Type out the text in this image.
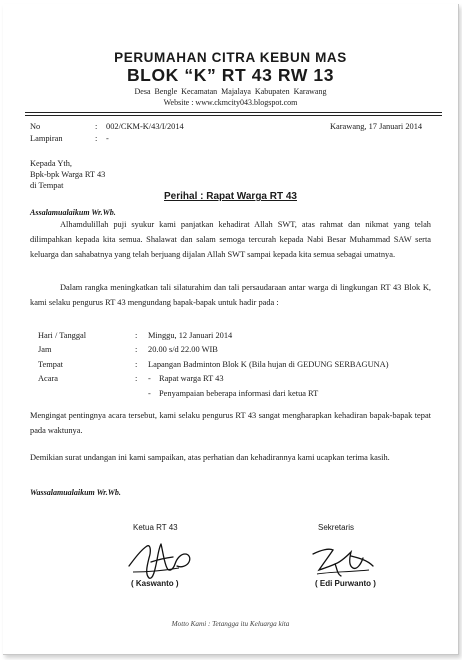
PERUMAHAN CITRA KEBUN MAS
BLOK “K” RT 43 RW 13
Desa Bengle Kecamatan Majalaya Kabupaten Karawang
Website : www.ckmcity043.blogspot.com
No	: 002/CKM-K/43/I/2014
Lampiran	: -
Karawang, 17 Januari 2014
Kepada Yth,
Bpk-bpk Warga RT 43
di Tempat
Perihal : Rapat Warga RT 43
Assalamualaikum Wr.Wb.
Alhamdulillah puji syukur kami panjatkan kehadirat Allah SWT, atas rahmat dan nikmat yang telah dilimpahkan kepada kita semua. Shalawat dan salam semoga tercurah kepada Nabi Besar Muhammad SAW serta keluarga dan sahabatnya yang telah berjuang dijalan Allah SWT sampai kepada kita semua sebagai umatnya.
Dalam rangka meningkatkan tali silaturahim dan tali persaudaraan antar warga di lingkungan RT 43 Blok K, kami selaku pengurus RT 43 mengundang bapak-bapak untuk hadir pada :
Hari / Tanggal	: Minggu, 12 Januari 2014
Jam	: 20.00 s/d 22.00 WIB
Tempat	: Lapangan Badminton Blok K (Bila hujan di GEDUNG SERBAGUNA)
Acara	: - Rapat warga RT 43
- Penyampaian beberapa informasi dari ketua RT
Mengingat pentingnya acara tersebut, kami selaku pengurus RT 43 sangat mengharapkan kehadiran bapak-bapak tepat pada waktunya.
Demikian surat undangan ini kami sampaikan, atas perhatian dan kehadirannya kami ucapkan terima kasih.
Wassalamualaikum Wr.Wb.
Ketua RT 43
( Kaswanto )
Sekretaris
( Edi Purwanto )
Motto Kami : Tetangga itu Keluarga kita
